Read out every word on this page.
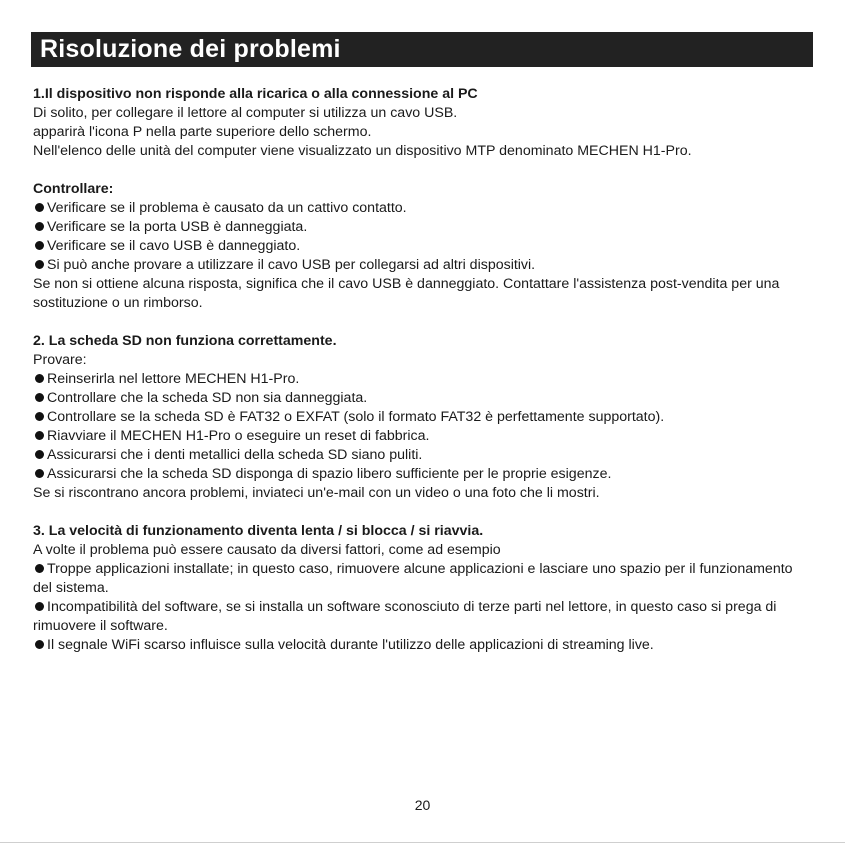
Risoluzione dei problemi
1.Il dispositivo non risponde alla ricarica o alla connessione al PC
Di solito, per collegare il lettore al computer si utilizza un cavo USB.
apparirà l'icona P nella parte superiore dello schermo.
Nell'elenco delle unità del computer viene visualizzato un dispositivo MTP denominato MECHEN H1-Pro.
Controllare:
Verificare se il problema è causato da un cattivo contatto.
Verificare se la porta USB è danneggiata.
Verificare se il cavo USB è danneggiato.
Si può anche provare a utilizzare il cavo USB per collegarsi ad altri dispositivi.
Se non si ottiene alcuna risposta, significa che il cavo USB è danneggiato. Contattare l'assistenza post-vendita per una sostituzione o un rimborso.
2. La scheda SD non funziona correttamente.
Provare:
Reinserirla nel lettore MECHEN H1-Pro.
Controllare che la scheda SD non sia danneggiata.
Controllare se la scheda SD è FAT32 o EXFAT (solo il formato FAT32 è perfettamente supportato).
Riavviare il MECHEN H1-Pro o eseguire un reset di fabbrica.
Assicurarsi che i denti metallici della scheda SD siano puliti.
Assicurarsi che la scheda SD disponga di spazio libero sufficiente per le proprie esigenze.
Se si riscontrano ancora problemi, inviateci un'e-mail con un video o una foto che li mostri.
3. La velocità di funzionamento diventa lenta / si blocca / si riavvia.
A volte il problema può essere causato da diversi fattori, come ad esempio
Troppe applicazioni installate; in questo caso, rimuovere alcune applicazioni e lasciare uno spazio per il funzionamento del sistema.
Incompatibilità del software, se si installa un software sconosciuto di terze parti nel lettore, in questo caso si prega di rimuovere il software.
Il segnale WiFi scarso influisce sulla velocità durante l'utilizzo delle applicazioni di streaming live.
20
